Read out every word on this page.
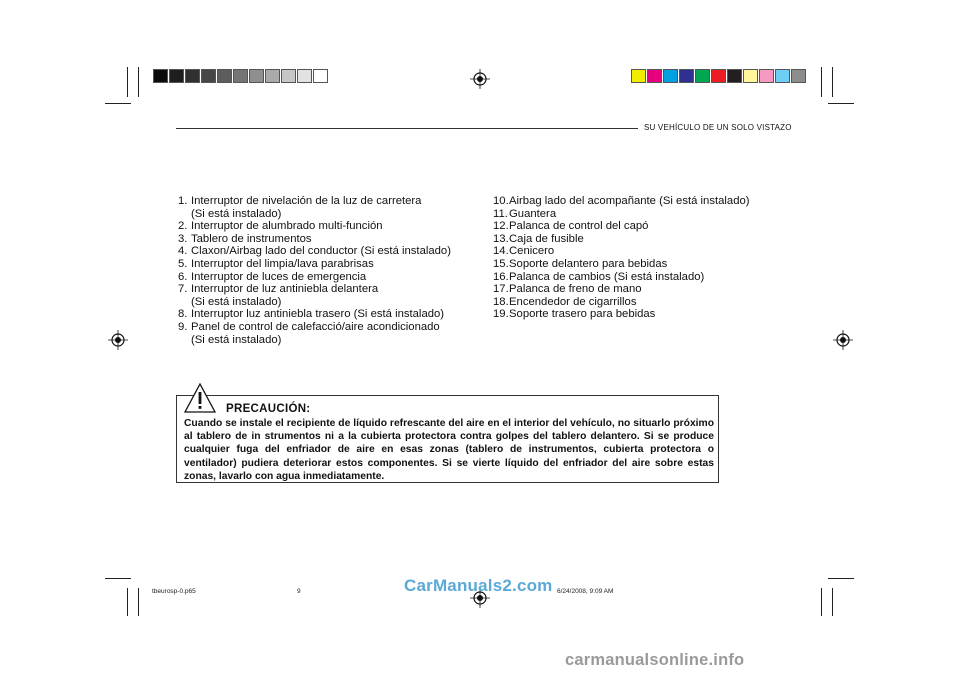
SU VEHÍCULO DE UN SOLO VISTAZO
1. Interruptor de nivelación de la luz de carretera
(Si está instalado)
2. Interruptor de alumbrado multi-función
3. Tablero de instrumentos
4. Claxon/Airbag lado del conductor (Si está instalado)
5. Interruptor del limpia/lava parabrisas
6. Interruptor de luces de emergencia
7. Interruptor de luz antiniebla delantera
(Si está instalado)
8. Interruptor luz antiniebla trasero (Si está instalado)
9. Panel de control de calefacció/aire acondicionado
(Si está instalado)
10. Airbag lado del acompañante (Si está instalado)
11. Guantera
12. Palanca de control del capó
13. Caja de fusible
14. Cenicero
15. Soporte delantero para bebidas
16. Palanca de cambios (Si está instalado)
17. Palanca de freno de mano
18. Encendedor de cigarrillos
19. Soporte trasero para bebidas
PRECAUCIÓN:
Cuando se instale el recipiente de líquido refrescante del aire en el interior del vehículo, no situarlo próximo al tablero de in strumentos ni a la cubierta protectora contra golpes del tablero delantero. Si se produce cualquier fuga del enfriador de aire en esas zonas (tablero de instrumentos, cubierta protectora o ventilador) pudiera deteriorar estos componentes. Si se vierte líquido del enfriador del aire sobre estas zonas, lavarlo con agua inmediatamente.
tbeurosp-0.p65	9	6/24/2008, 9:09 AM
CarManuals2.com
carmanualsonline.info
